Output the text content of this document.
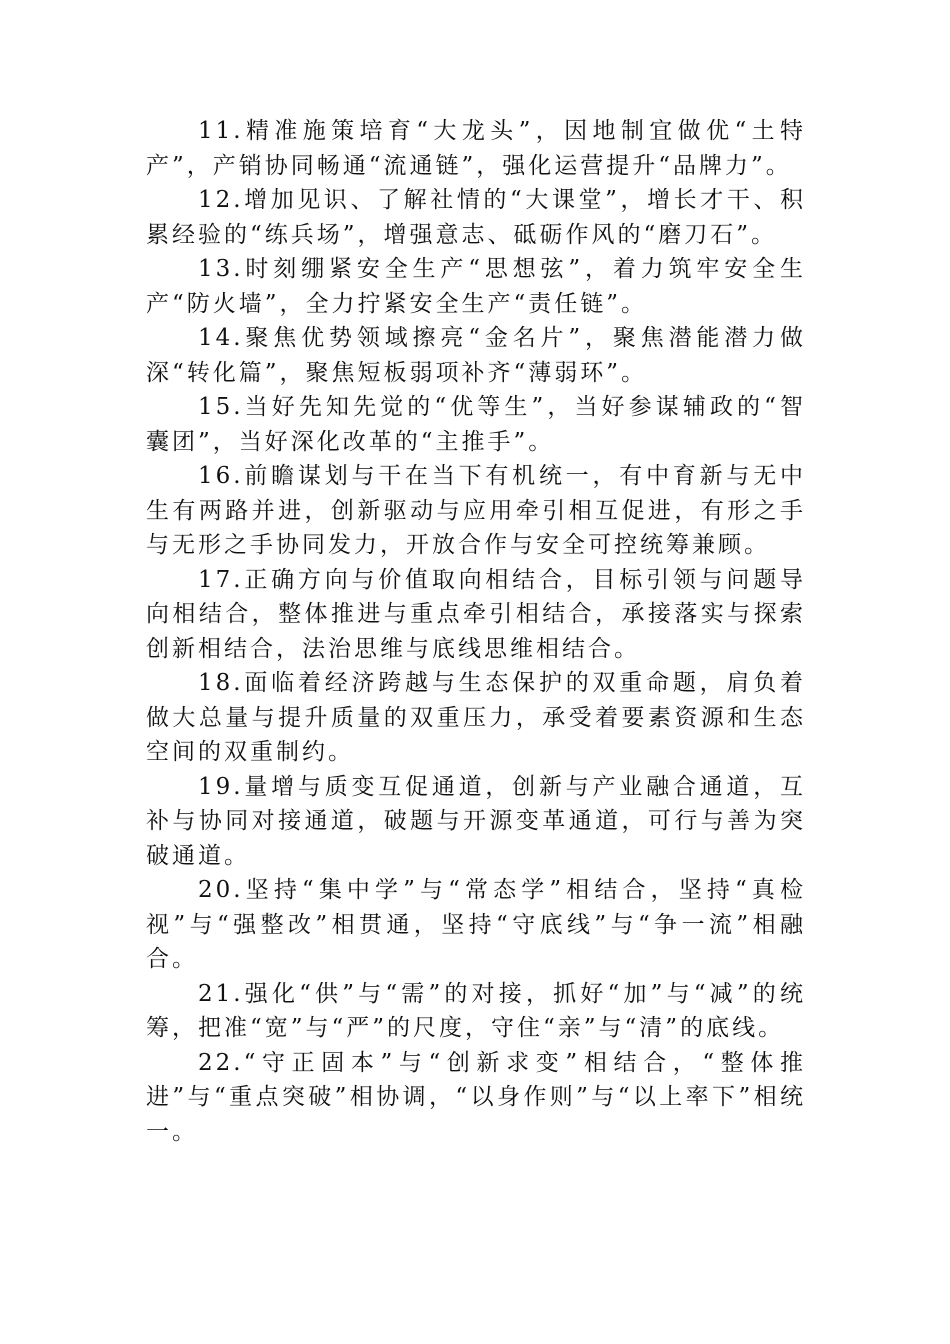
11.精准施策培育“大龙头”，因地制宜做优“土特产”，产销协同畅通“流通链”，强化运营提升“品牌力”。

12.增加见识、了解社情的“大课堂”，增长才干、积累经验的“练兵场”，增强意志、砥砺作风的“磨刀石”。

13.时刻绷紧安全生产“思想弦”，着力筑牢安全生产“防火墙”，全力拧紧安全生产“责任链”。

14.聚焦优势领域擦亮“金名片”，聚焦潜能潜力做深“转化篇”，聚焦短板弱项补齐“薄弱环”。

15.当好先知先觉的“优等生”，当好参谋辅政的“智囊团”，当好深化改革的“主推手”。

16.前瞻谋划与干在当下有机统一，有中育新与无中生有两路并进，创新驱动与应用牵引相互促进，有形之手与无形之手协同发力，开放合作与安全可控统筹兼顾。

17.正确方向与价值取向相结合，目标引领与问题导向相结合，整体推进与重点牵引相结合，承接落实与探索创新相结合，法治思维与底线思维相结合。

18.面临着经济跨越与生态保护的双重命题，肩负着做大总量与提升质量的双重压力，承受着要素资源和生态空间的双重制约。

19.量增与质变互促通道，创新与产业融合通道，互补与协同对接通道，破题与开源变革通道，可行与善为突破通道。

20.坚持“集中学”与“常态学”相结合，坚持“真检视”与“强整改”相贯通，坚持“守底线”与“争一流”相融合。

21.强化“供”与“需”的对接，抓好“加”与“减”的统筹，把准“宽”与“严”的尺度，守住“亲”与“清”的底线。

22.“守正固本”与“创新求变”相结合，“整体推进”与“重点突破”相协调，“以身作则”与“以上率下”相统一。
